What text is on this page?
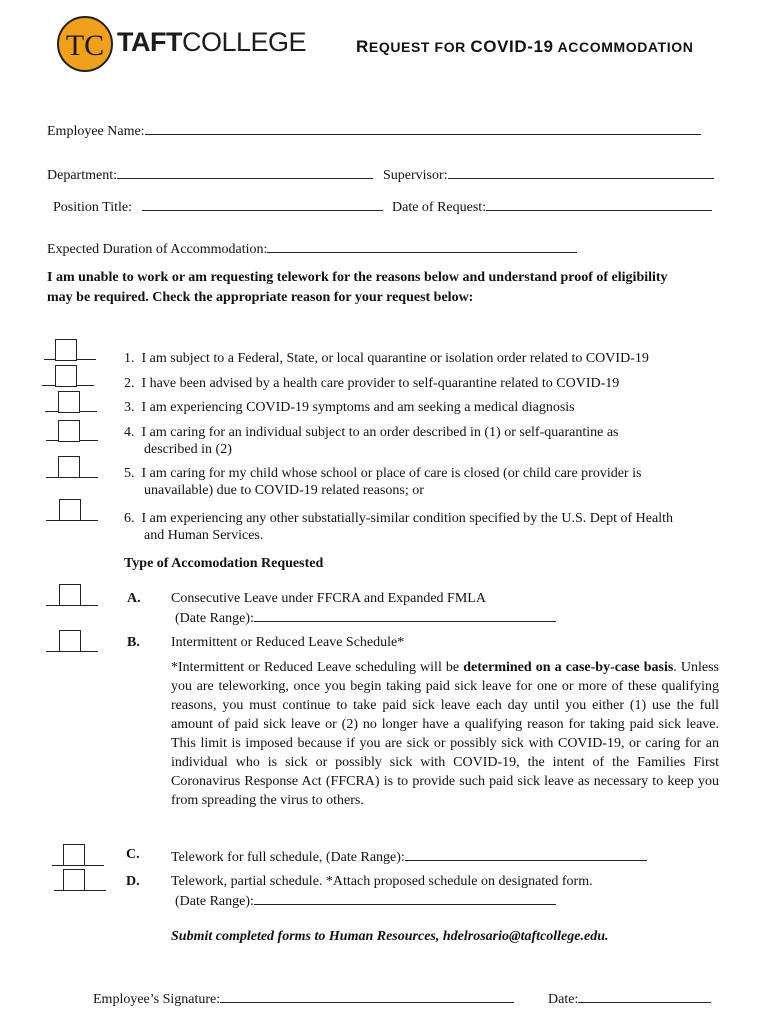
TC TAFTCOLLEGE	REQUEST FOR COVID-19 ACCOMMODATION
Employee Name:
Department:	Supervisor:
Position Title:	Date of Request:
Expected Duration of Accommodation:
I am unable to work or am requesting telework for the reasons below and understand proof of eligibility
may be required. Check the appropriate reason for your request below:
1. I am subject to a Federal, State, or local quarantine or isolation order related to COVID-19
2. I have been advised by a health care provider to self-quarantine related to COVID-19
3. I am experiencing COVID-19 symptoms and am seeking a medical diagnosis
4. I am caring for an individual subject to an order described in (1) or self-quarantine as
described in (2)
5. I am caring for my child whose school or place of care is closed (or child care provider is
unavailable) due to COVID-19 related reasons; or
6. I am experiencing any other substatially-similar condition specified by the U.S. Dept of Health
and Human Services.
Type of Accomodation Requested
A. Consecutive Leave under FFCRA and Expanded FMLA
(Date Range):
B. Intermittent or Reduced Leave Schedule*
*Intermittent or Reduced Leave scheduling will be determined on a case-by-case basis. Unless you are teleworking, once you begin taking paid sick leave for one or more of these qualifying reasons, you must continue to take paid sick leave each day until you either (1) use the full amount of paid sick leave or (2) no longer have a qualifying reason for taking paid sick leave. This limit is imposed because if you are sick or possibly sick with COVID-19, or caring for an individual who is sick or possibly sick with COVID-19, the intent of the Families First Coronavirus Response Act (FFCRA) is to provide such paid sick leave as necessary to keep you from spreading the virus to others.
C. Telework for full schedule, (Date Range):
D. Telework, partial schedule. *Attach proposed schedule on designated form.
(Date Range):
Submit completed forms to Human Resources, hdelrosario@taftcollege.edu.
Employee’s Signature:	Date:
